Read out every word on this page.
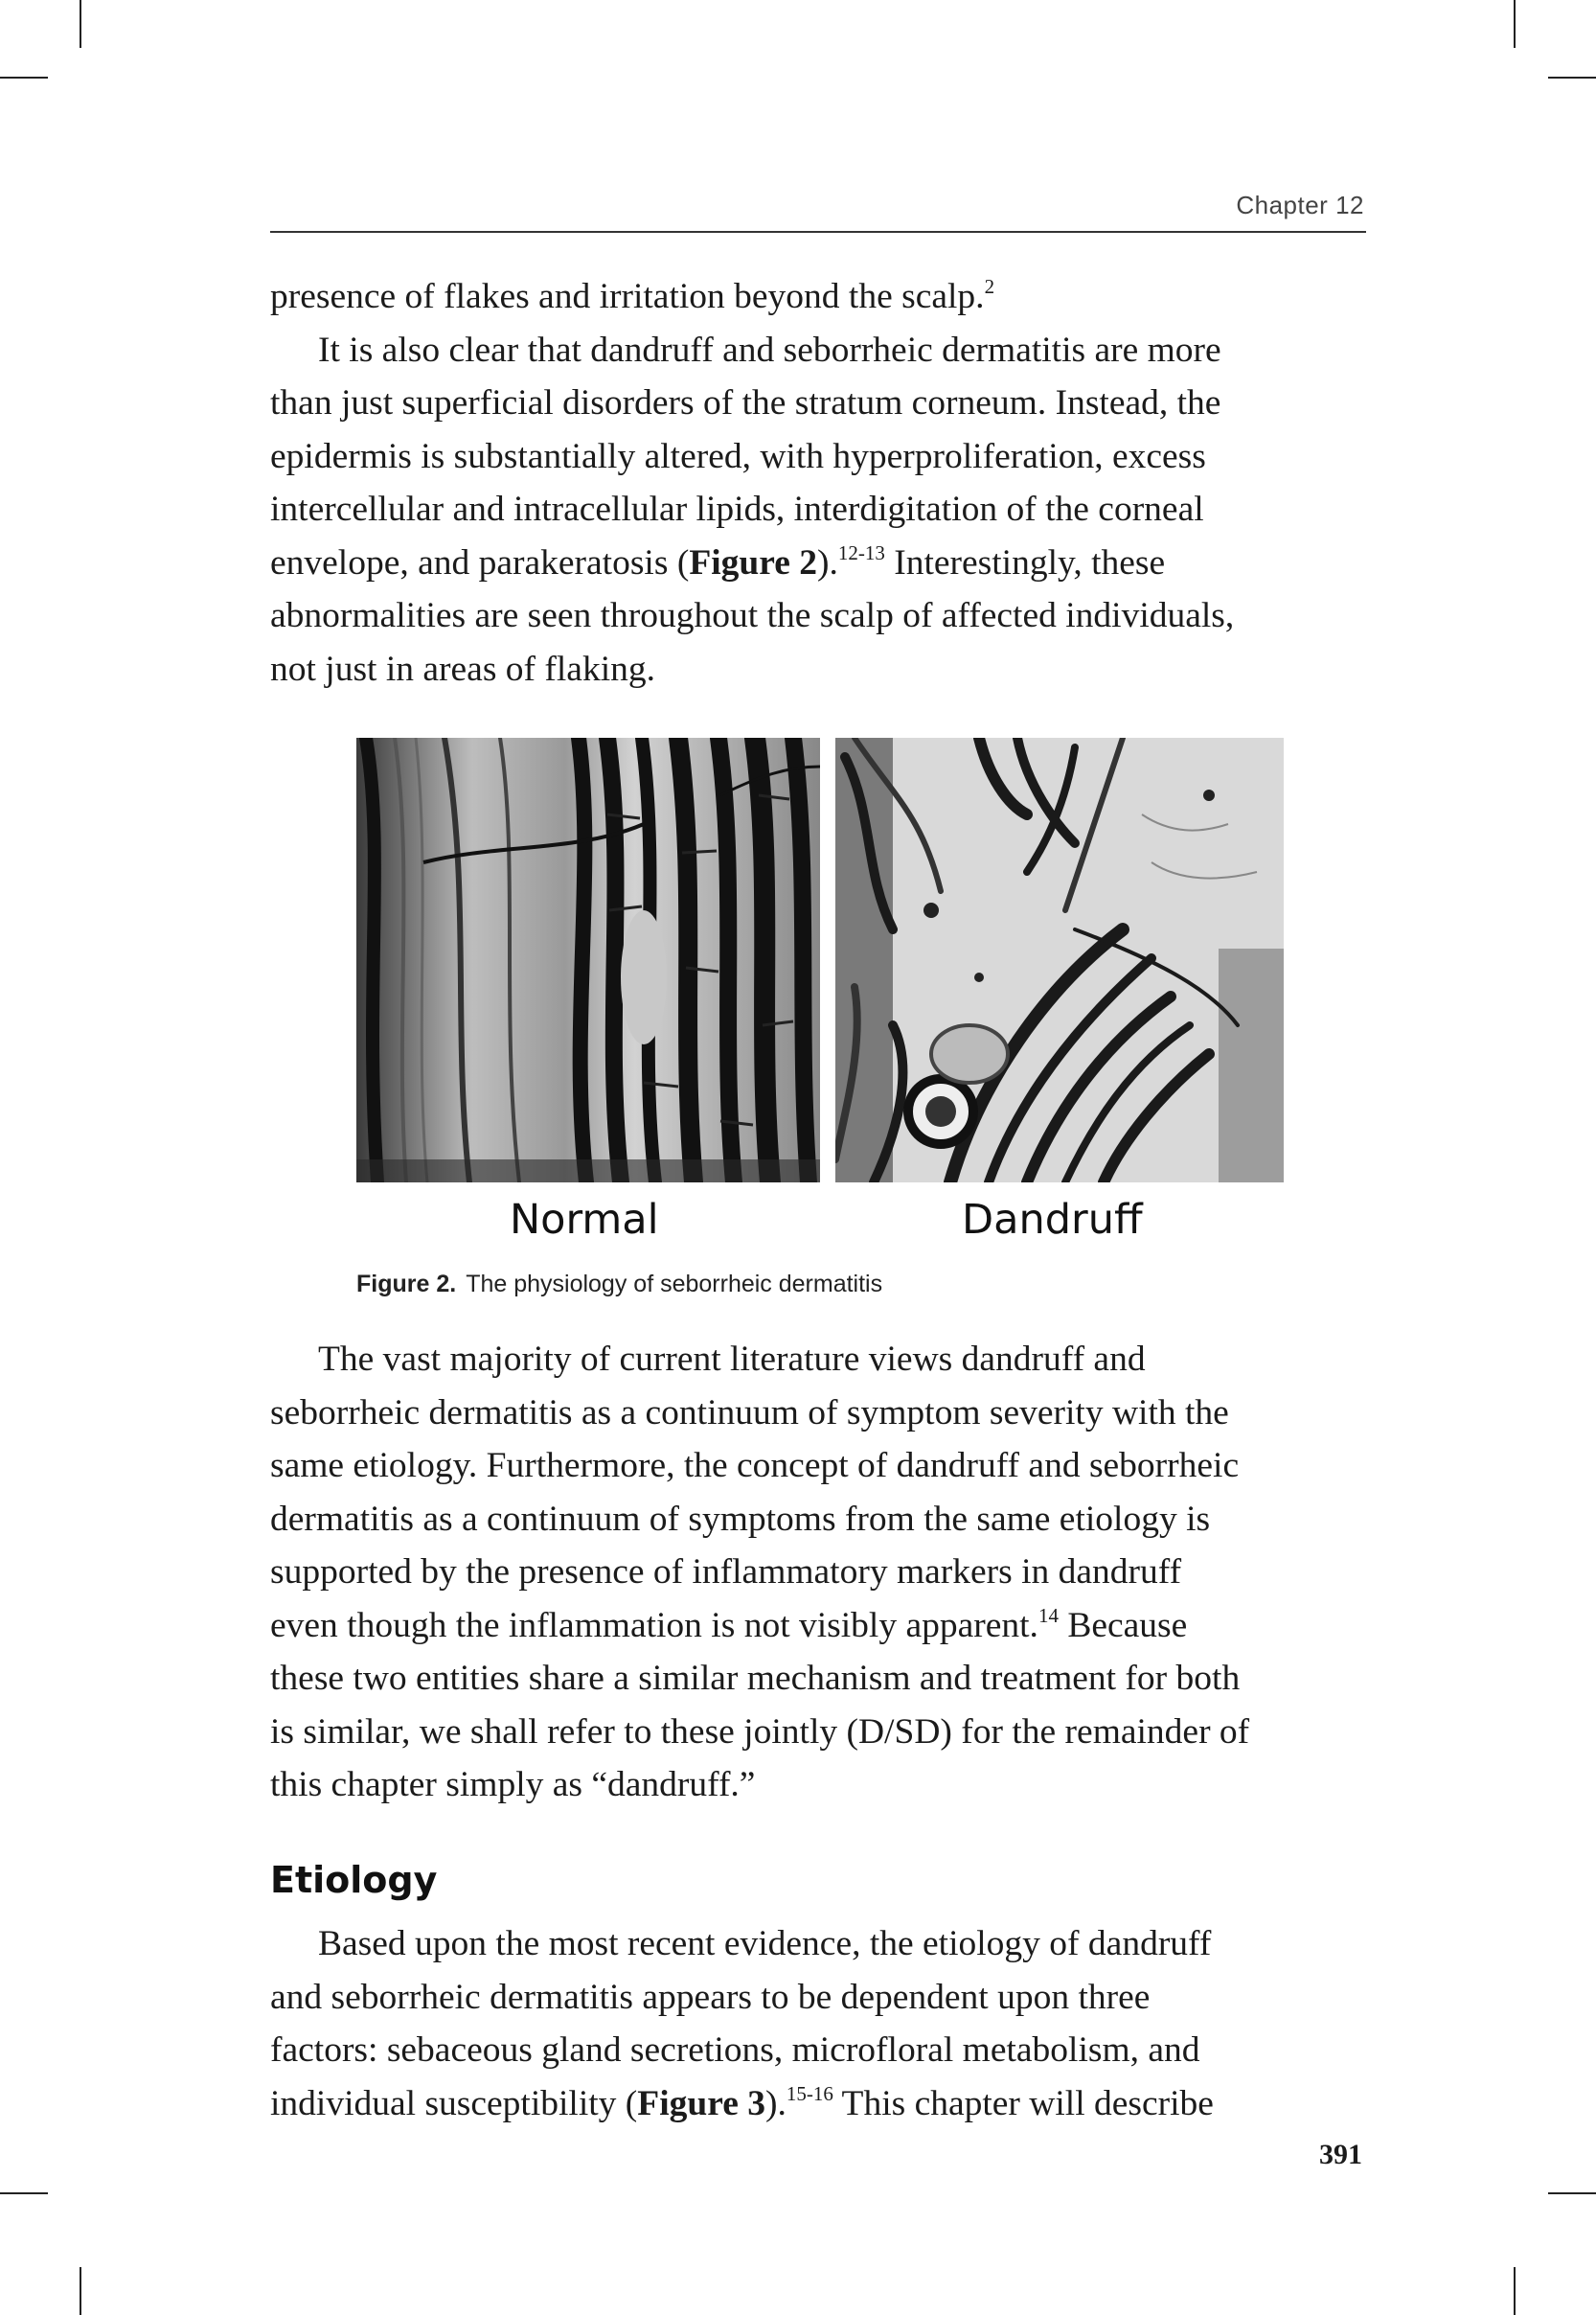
Chapter 12

presence of flakes and irritation beyond the scalp.$^2$

It is also clear that dandruff and seborrheic dermatitis are more
than just superficial disorders of the stratum corneum. Instead, the
epidermis is substantially altered, with hyperproliferation, excess
intercellular and intracellular lipids, interdigitation of the corneal
envelope, and parakeratosis (Figure 2).$^{12-13}$ Interestingly, these
abnormalities are seen throughout the scalp of affected individuals,
not just in areas of flaking.

Normal	Dandruff
Figure 2. The physiology of seborrheic dermatitis

The vast majority of current literature views dandruff and
seborrheic dermatitis as a continuum of symptom severity with the
same etiology. Furthermore, the concept of dandruff and seborrheic
dermatitis as a continuum of symptoms from the same etiology is
supported by the presence of inflammatory markers in dandruff
even though the inflammation is not visibly apparent.$^{14}$ Because
these two entities share a similar mechanism and treatment for both
is similar, we shall refer to these jointly (D/SD) for the remainder of
this chapter simply as “dandruff.”

Etiology

Based upon the most recent evidence, the etiology of dandruff
and seborrheic dermatitis appears to be dependent upon three
factors: sebaceous gland secretions, microfloral metabolism, and
individual susceptibility (Figure 3).$^{15-16}$ This chapter will describe

391
